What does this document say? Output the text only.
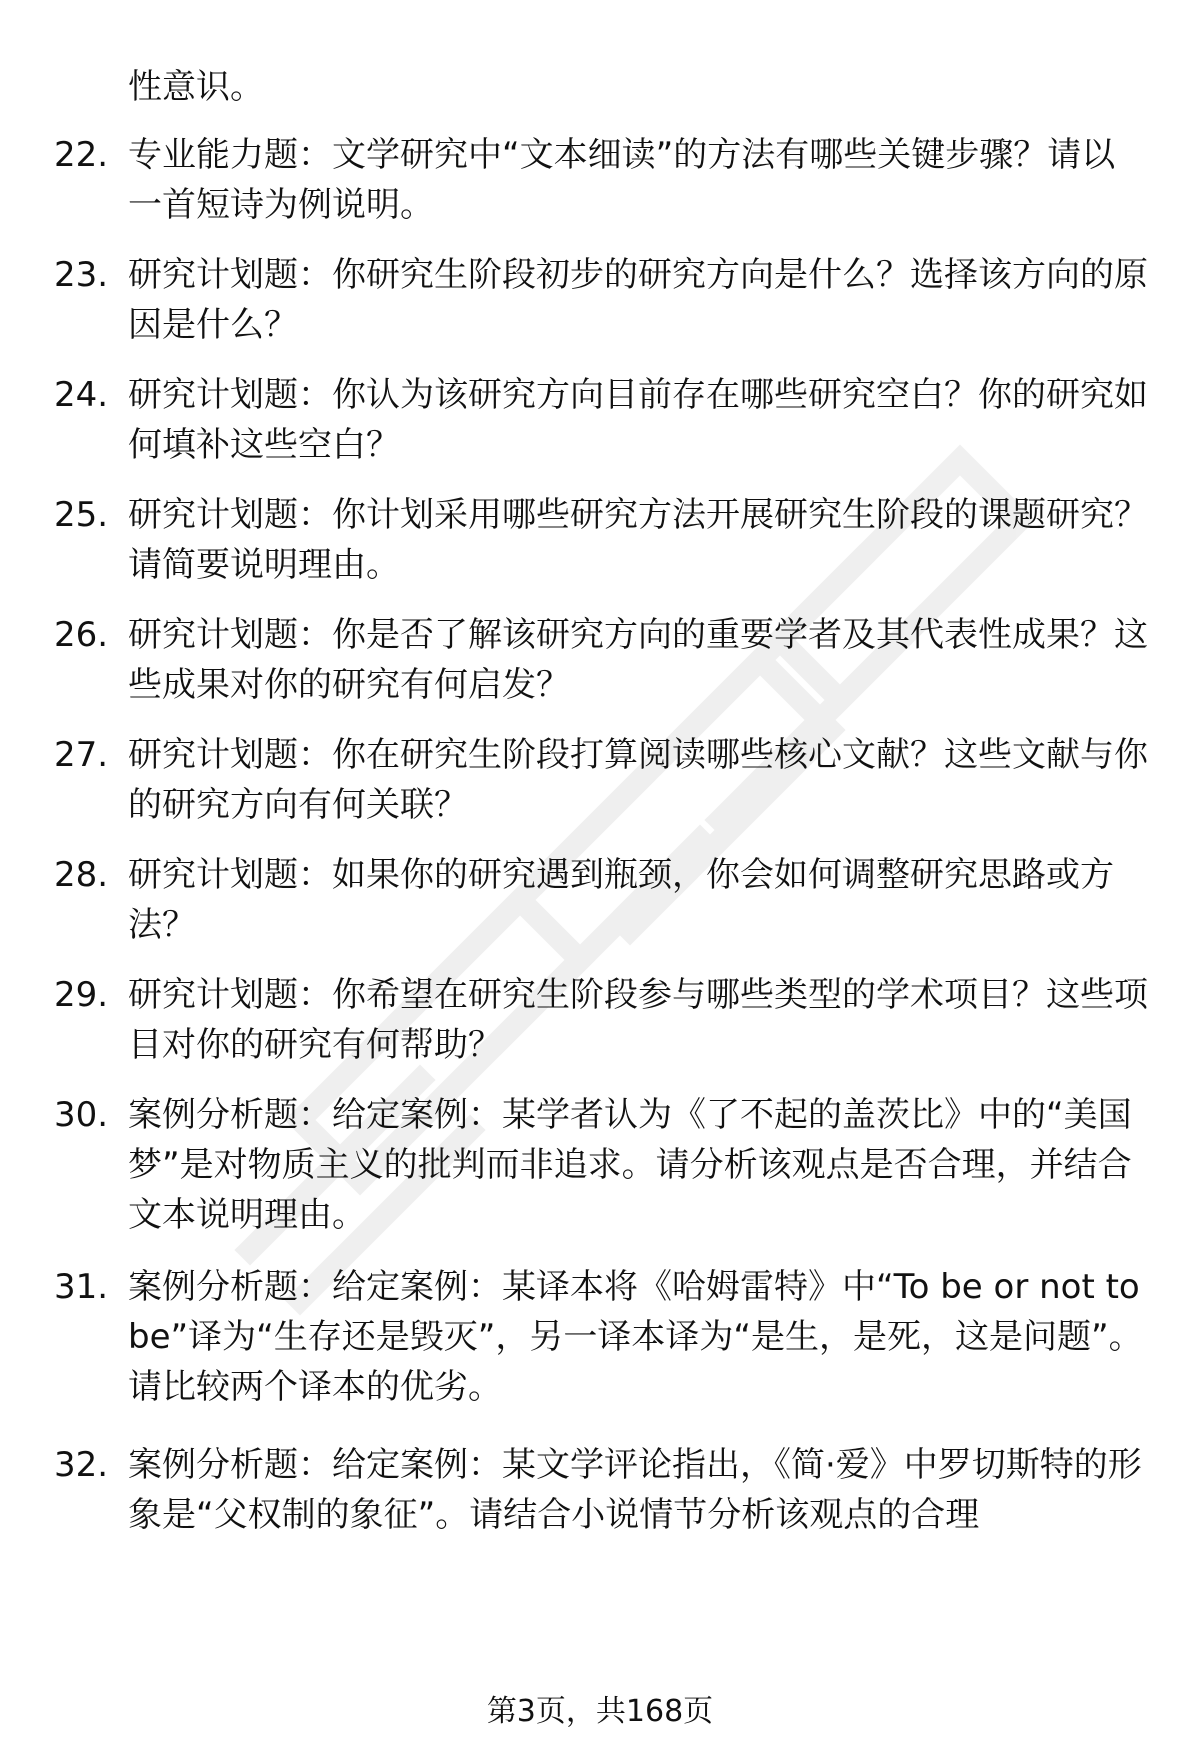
性意识。

22. 专业能力题：文学研究中“文本细读”的方法有哪些关键步骤？请以一首短诗为例说明。

23. 研究计划题：你研究生阶段初步的研究方向是什么？选择该方向的原因是什么？

24. 研究计划题：你认为该研究方向目前存在哪些研究空白？你的研究如何填补这些空白？

25. 研究计划题：你计划采用哪些研究方法开展研究生阶段的课题研究？请简要说明理由。

26. 研究计划题：你是否了解该研究方向的重要学者及其代表性成果？这些成果对你的研究有何启发？

27. 研究计划题：你在研究生阶段打算阅读哪些核心文献？这些文献与你的研究方向有何关联？

28. 研究计划题：如果你的研究遇到瓶颈，你会如何调整研究思路或方法？

29. 研究计划题：你希望在研究生阶段参与哪些类型的学术项目？这些项目对你的研究有何帮助？

30. 案例分析题：给定案例：某学者认为《了不起的盖茨比》中的“美国梦”是对物质主义的批判而非追求。请分析该观点是否合理，并结合文本说明理由。

31. 案例分析题：给定案例：某译本将《哈姆雷特》中“To be or not to be”译为“生存还是毁灭”，另一译本译为“是生，是死，这是问题”。请比较两个译本的优劣。

32. 案例分析题：给定案例：某文学评论指出，《简·爱》中罗切斯特的形象是“父权制的象征”。请结合小说情节分析该观点的合理

第3页，共168页
